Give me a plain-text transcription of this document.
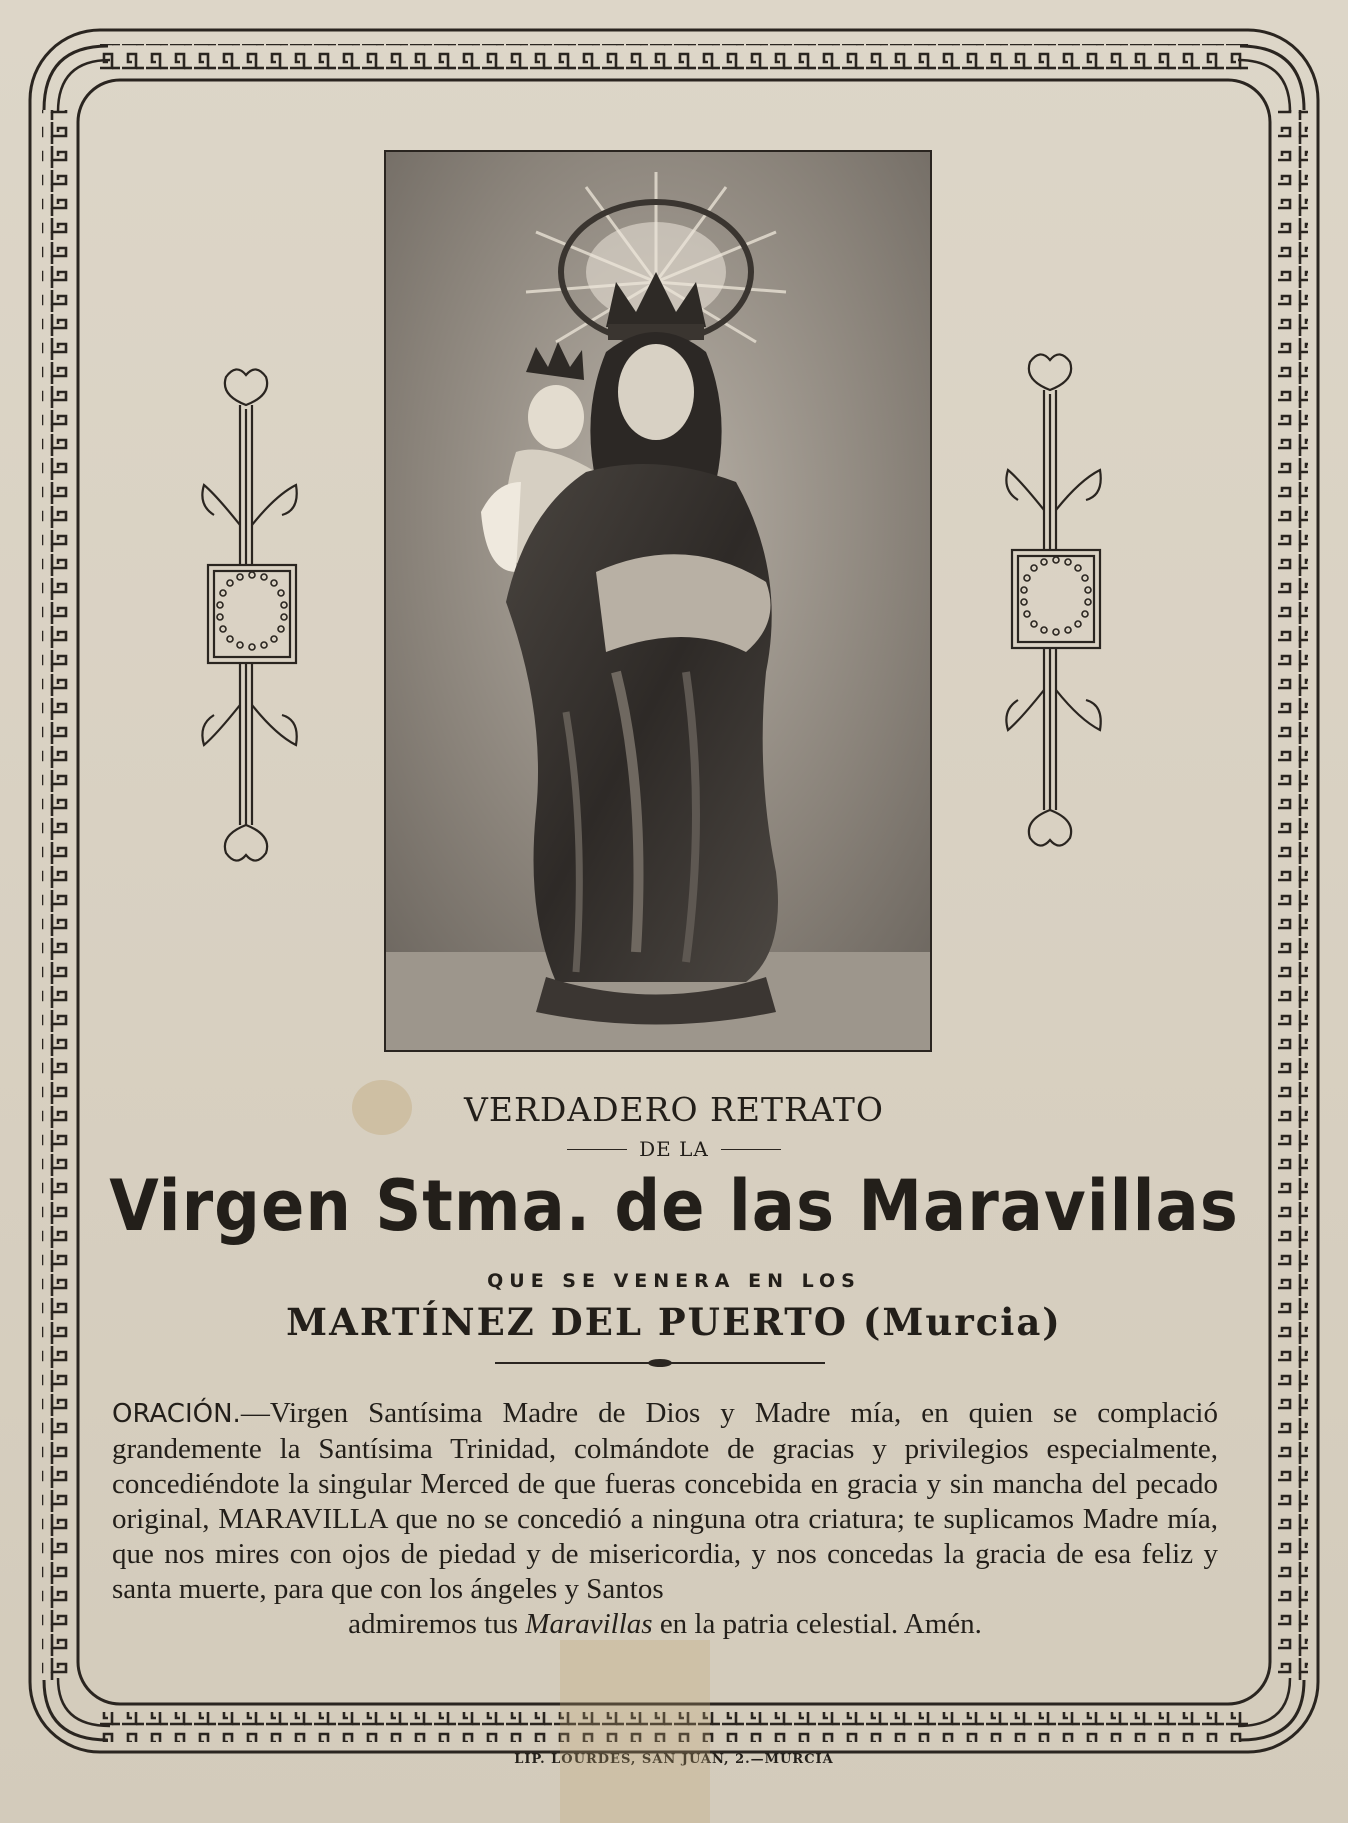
VERDADERO RETRATO
DE LA
Virgen Stma. de las Maravillas
QUE SE VENERA EN LOS
MARTÍNEZ DEL PUERTO (Murcia)
ORACIÓN.—Virgen Santísima Madre de Dios y Madre mía, en quien se complació grandemente la Santísima Trinidad, colmándote de gracias y privilegios especialmente, concediéndote la singular Merced de que fueras concebida en gracia y sin mancha del pecado original, MARAVILLA que no se concedió a ninguna otra criatura; te suplicamos Madre mía, que nos mires con ojos de piedad y de misericordia, y nos concedas la gracia de esa feliz y santa muerte, para que con los ángeles y Santos
admiremos tus Maravillas en la patria celestial. Amén.
LIP. LOURDES, SAN JUAN, 2.—MURCIA
